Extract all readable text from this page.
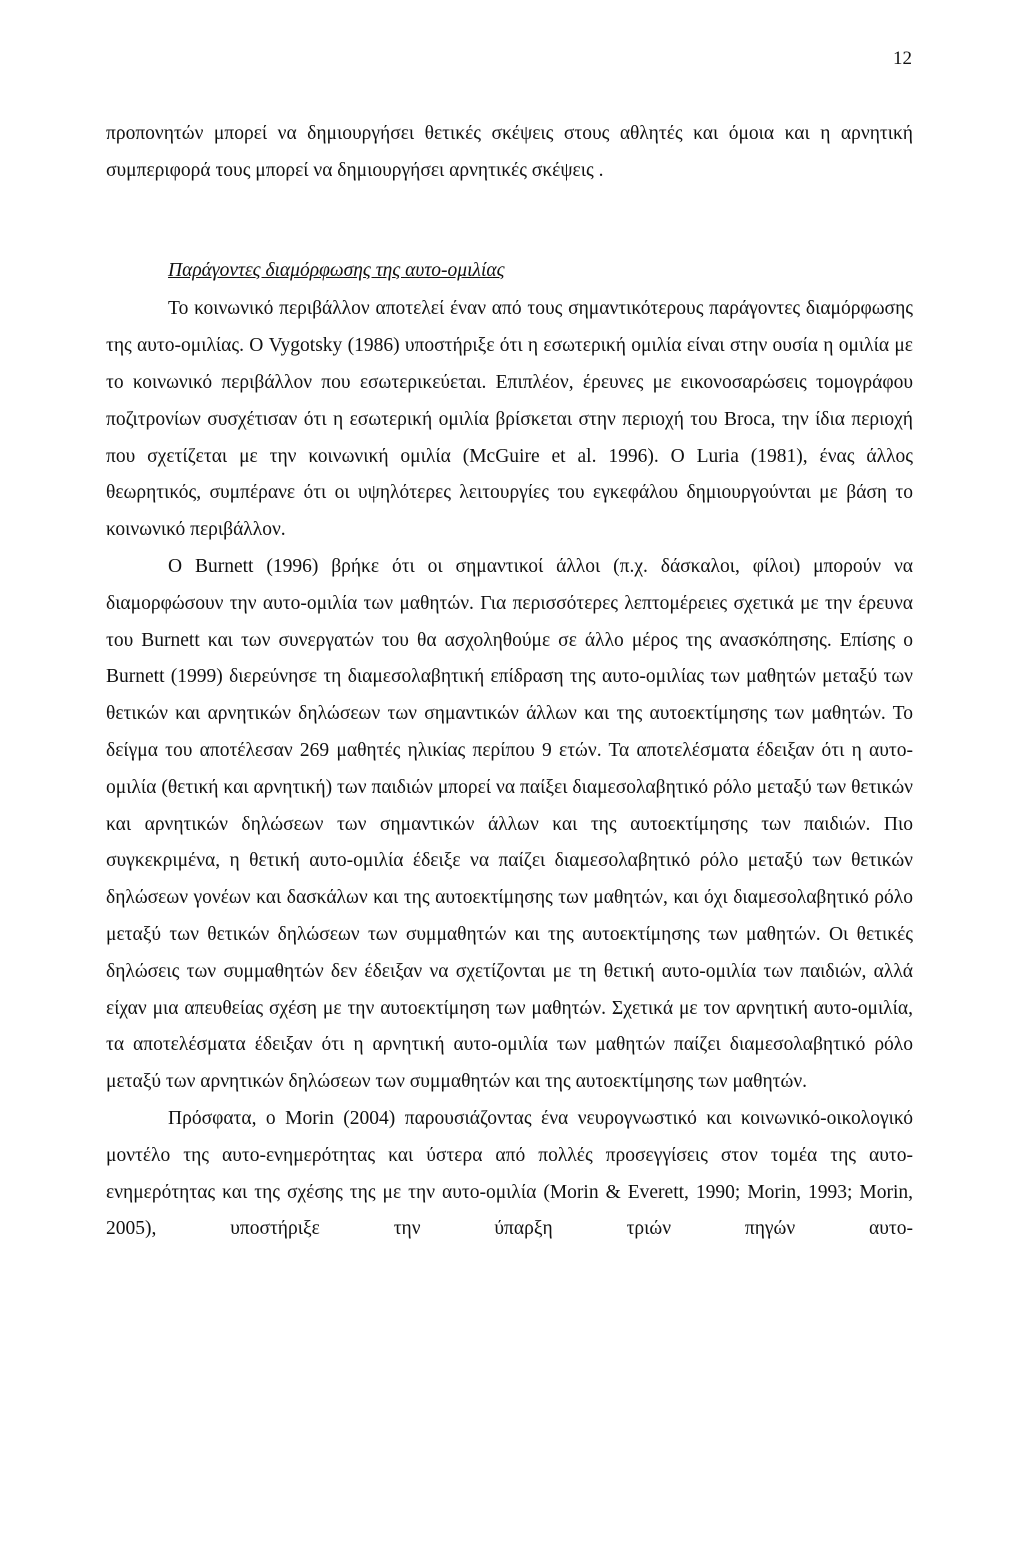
12

προπονητών μπορεί να δημιουργήσει θετικές σκέψεις στους αθλητές και όμοια και η αρνητική συμπεριφορά τους μπορεί να δημιουργήσει αρνητικές σκέψεις .

Παράγοντες διαμόρφωσης της αυτο-ομιλίας

Το κοινωνικό περιβάλλον αποτελεί έναν από τους σημαντικότερους παράγοντες διαμόρφωσης της αυτο-ομιλίας. Ο Vygotsky (1986) υποστήριξε ότι η εσωτερική ομιλία είναι στην ουσία η ομιλία με το κοινωνικό περιβάλλον που εσωτερικεύεται. Επιπλέον, έρευνες με εικονοσαρώσεις τομογράφου ποζιτρονίων συσχέτισαν ότι η εσωτερική ομιλία βρίσκεται στην περιοχή του Broca, την ίδια περιοχή που σχετίζεται με την κοινωνική ομιλία (McGuire et al. 1996). Ο Luria (1981), ένας άλλος θεωρητικός, συμπέρανε ότι οι υψηλότερες λειτουργίες του εγκεφάλου δημιουργούνται με βάση το κοινωνικό περιβάλλον.

Ο Burnett (1996) βρήκε ότι οι σημαντικοί άλλοι (π.χ. δάσκαλοι, φίλοι) μπορούν να διαμορφώσουν την αυτο-ομιλία των μαθητών. Για περισσότερες λεπτομέρειες σχετικά με την έρευνα του Burnett και των συνεργατών του θα ασχοληθούμε σε άλλο μέρος της ανασκόπησης. Επίσης ο Burnett (1999) διερεύνησε τη διαμεσολαβητική επίδραση της αυτο-ομιλίας των μαθητών μεταξύ των θετικών και αρνητικών δηλώσεων των σημαντικών άλλων και της αυτοεκτίμησης των μαθητών. Το δείγμα του αποτέλεσαν 269 μαθητές ηλικίας περίπου 9 ετών. Τα αποτελέσματα έδειξαν ότι η αυτο-ομιλία (θετική και αρνητική) των παιδιών μπορεί να παίξει διαμεσολαβητικό ρόλο μεταξύ των θετικών και αρνητικών δηλώσεων των σημαντικών άλλων και της αυτοεκτίμησης των παιδιών. Πιο συγκεκριμένα, η θετική αυτο-ομιλία έδειξε να παίζει διαμεσολαβητικό ρόλο μεταξύ των θετικών δηλώσεων γονέων και δασκάλων και της αυτοεκτίμησης των μαθητών, και όχι διαμεσολαβητικό ρόλο μεταξύ των θετικών δηλώσεων των συμμαθητών και της αυτοεκτίμησης των μαθητών. Οι θετικές δηλώσεις των συμμαθητών δεν έδειξαν να σχετίζονται με τη θετική αυτο-ομιλία των παιδιών, αλλά είχαν μια απευθείας σχέση με την αυτοεκτίμηση των μαθητών. Σχετικά με τον αρνητική αυτο-ομιλία, τα αποτελέσματα έδειξαν ότι η αρνητική αυτο-ομιλία των μαθητών παίζει διαμεσολαβητικό ρόλο μεταξύ των αρνητικών δηλώσεων των συμμαθητών και της αυτοεκτίμησης των μαθητών.

Πρόσφατα, ο Morin (2004) παρουσιάζοντας ένα νευρογνωστικό και κοινωνικό-οικολογικό μοντέλο της αυτο-ενημερότητας και ύστερα από πολλές προσεγγίσεις στον τομέα της αυτο-ενημερότητας και της σχέσης της με την αυτο-ομιλία (Morin & Everett, 1990; Morin, 1993; Morin, 2005), υποστήριξε την ύπαρξη τριών πηγών αυτο-
